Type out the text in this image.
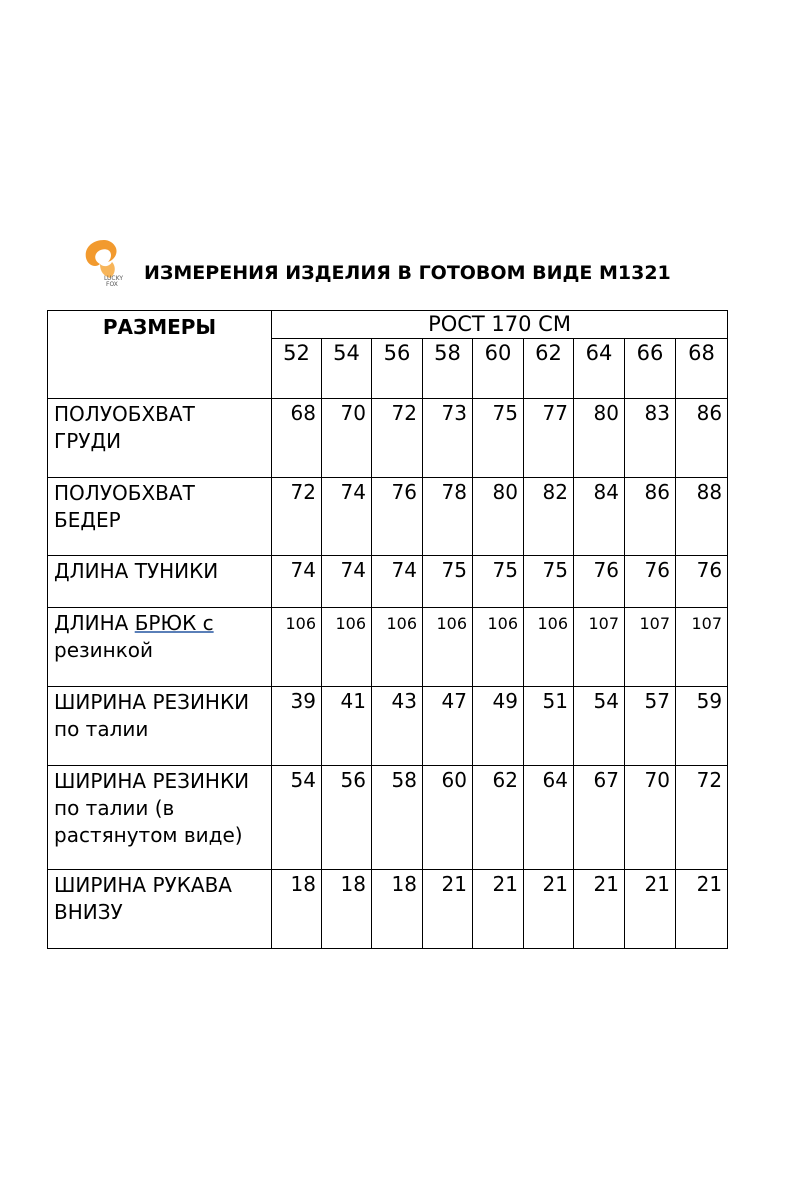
LUCKY
FOX
ИЗМЕРЕНИЯ ИЗДЕЛИЯ В ГОТОВОМ ВИДЕ М1321
РАЗМЕРЫ	РОСТ 170 СМ								
	52	54	56	58	60	62	64	66	68
ПОЛУОБХВАТ ГРУДИ	68	70	72	73	75	77	80	83	86
ПОЛУОБХВАТ БЕДЕР	72	74	76	78	80	82	84	86	88
ДЛИНА ТУНИКИ	74	74	74	75	75	75	76	76	76
ДЛИНА БРЮК с резинкой	106	106	106	106	106	106	107	107	107
ШИРИНА РЕЗИНКИ по талии	39	41	43	47	49	51	54	57	59
ШИРИНА РЕЗИНКИ по талии (в растянутом виде)	54	56	58	60	62	64	67	70	72
ШИРИНА РУКАВА ВНИЗУ	18	18	18	21	21	21	21	21	21
